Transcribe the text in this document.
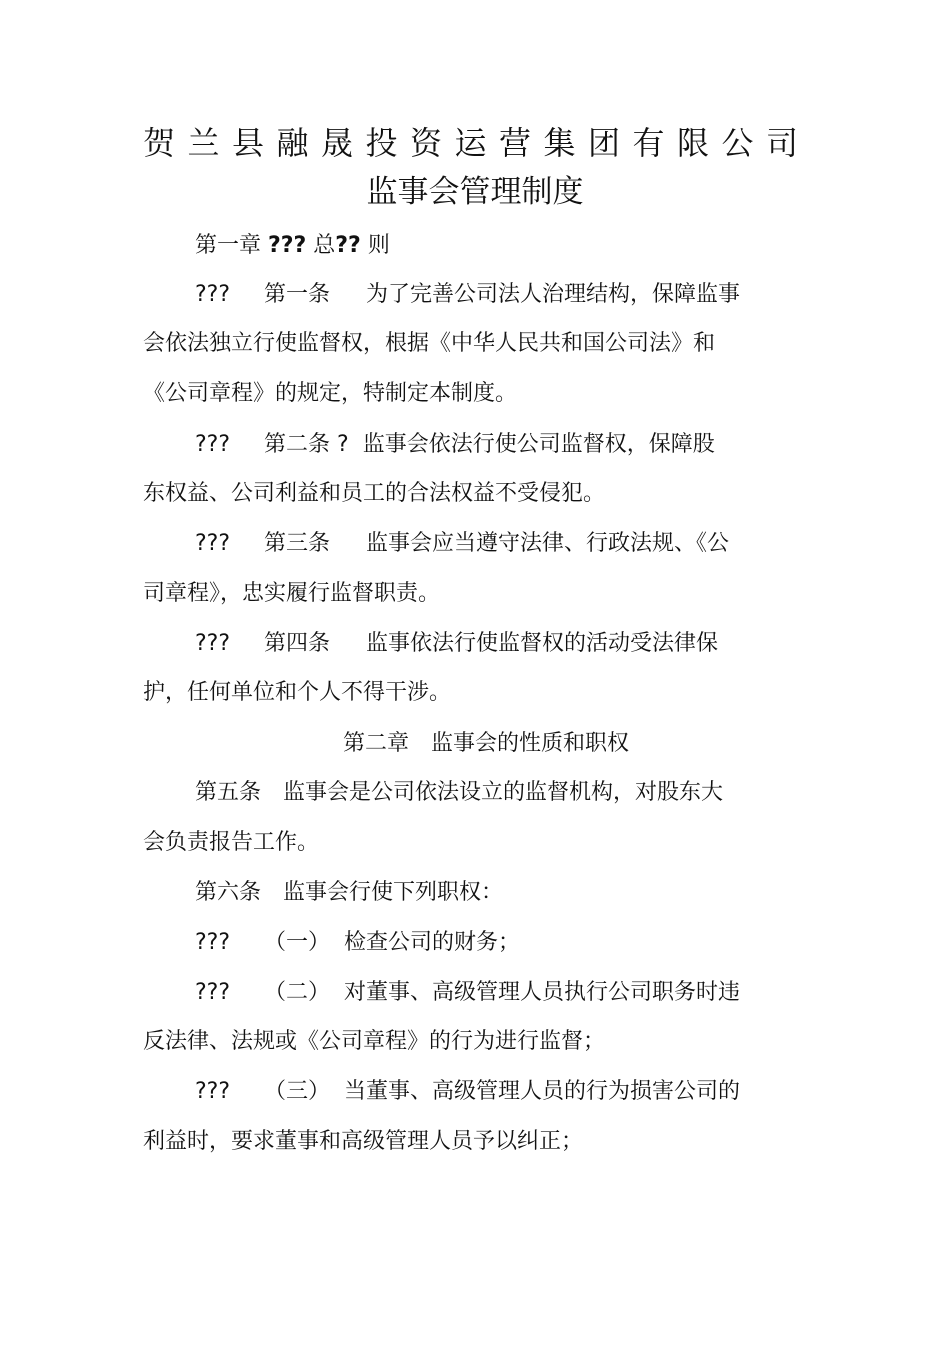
贺兰县融晟投资运营集团有限公司
监事会管理制度
第一章 ??? 总?? 则
??? 第一条 为了完善公司法人治理结构，保障监事
会依法独立行使监督权，根据《中华人民共和国公司法》和
《公司章程》的规定，特制定本制度。
??? 第二条 ? 监事会依法行使公司监督权，保障股
东权益、公司利益和员工的合法权益不受侵犯。
??? 第三条 监事会应当遵守法律、行政法规、《公
司章程》，忠实履行监督职责。
??? 第四条 监事依法行使监督权的活动受法律保
护，任何单位和个人不得干涉。
第二章　监事会的性质和职权
第五条　监事会是公司依法设立的监督机构，对股东大
会负责报告工作。
第六条　监事会行使下列职权：
??? （一） 检查公司的财务；
??? （二） 对董事、高级管理人员执行公司职务时违
反法律、法规或《公司章程》的行为进行监督；
??? （三） 当董事、高级管理人员的行为损害公司的
利益时，要求董事和高级管理人员予以纠正；
